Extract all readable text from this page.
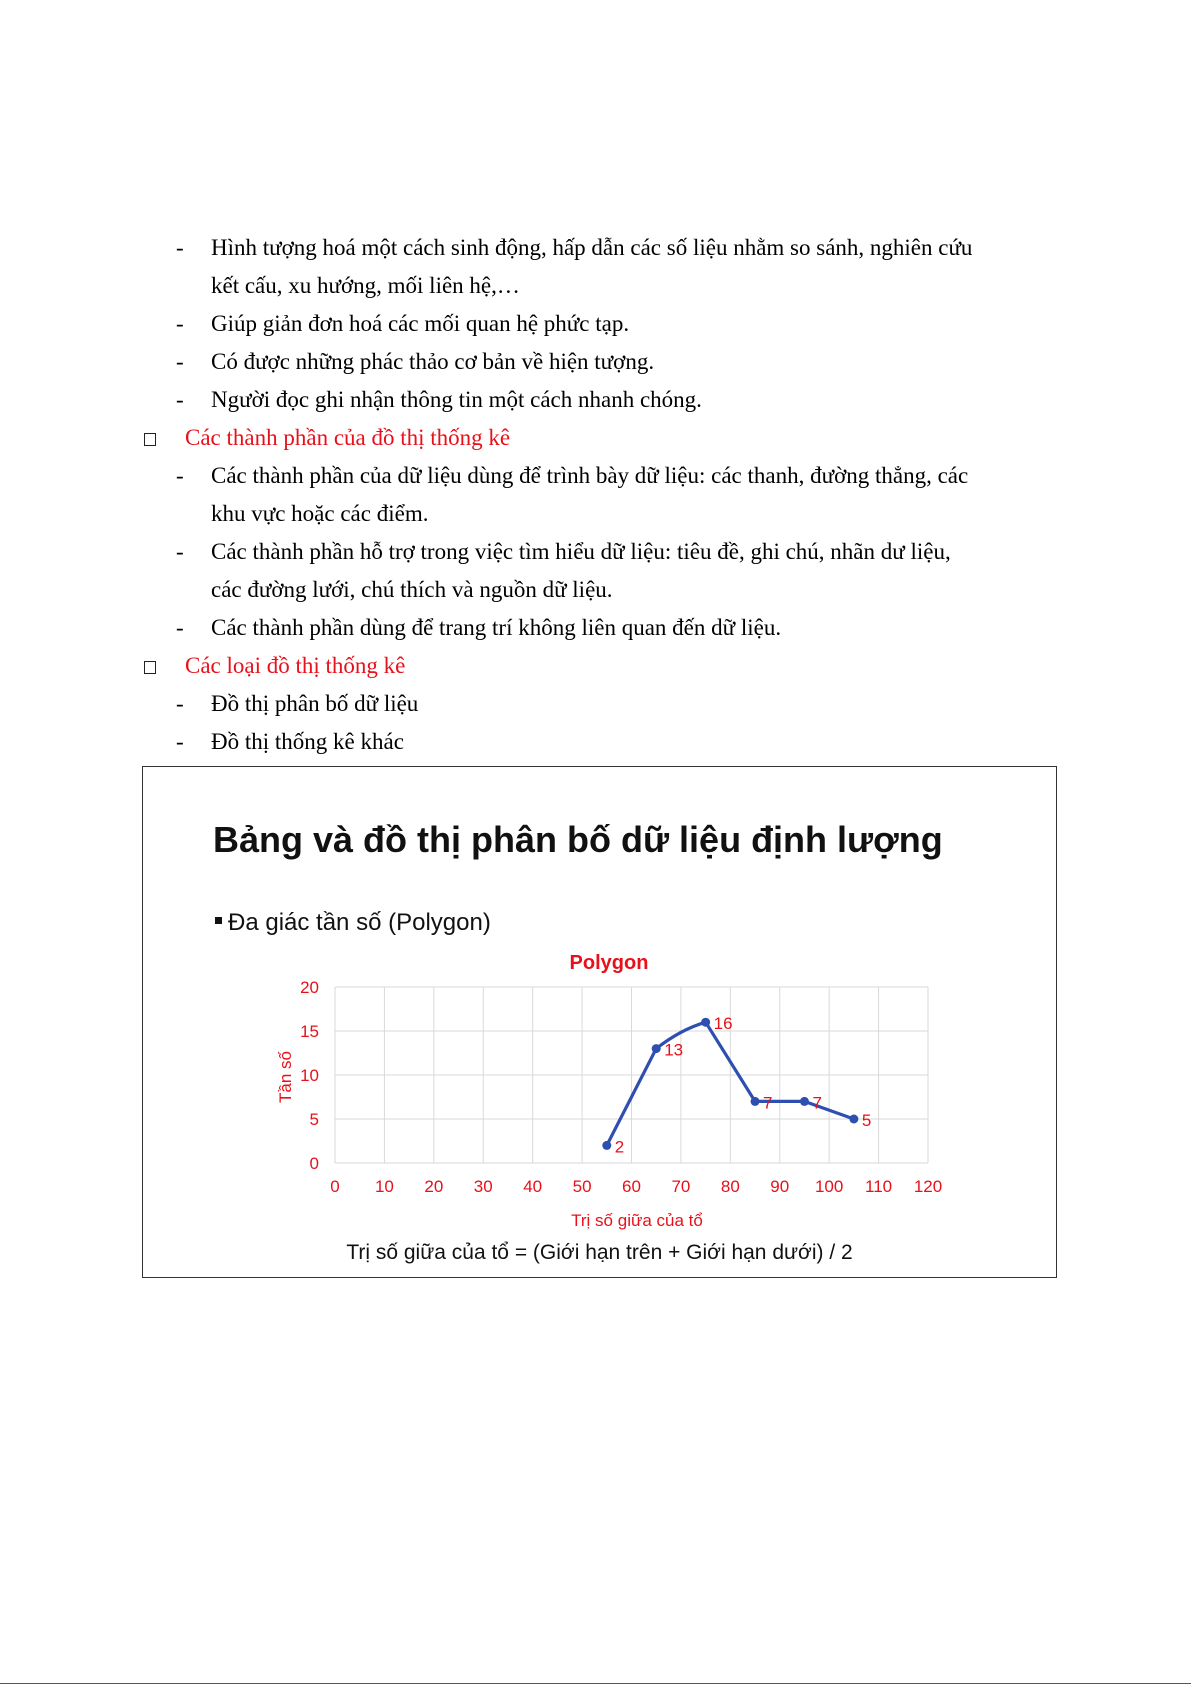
- Hình tượng hoá một cách sinh động, hấp dẫn các số liệu nhằm so sánh, nghiên cứu
kết cấu, xu hướng, mối liên hệ,…
- Giúp giản đơn hoá các mối quan hệ phức tạp.
- Có được những phác thảo cơ bản về hiện tượng.
- Người đọc ghi nhận thông tin một cách nhanh chóng.
Các thành phần của đồ thị thống kê
- Các thành phần của dữ liệu dùng để trình bày dữ liệu: các thanh, đường thẳng, các
khu vực hoặc các điểm.
- Các thành phần hỗ trợ trong việc tìm hiểu dữ liệu: tiêu đề, ghi chú, nhãn dư liệu,
các đường lưới, chú thích và nguồn dữ liệu.
- Các thành phần dùng để trang trí không liên quan đến dữ liệu.
Các loại đồ thị thống kê
- Đồ thị phân bố dữ liệu
- Đồ thị thống kê khác
Bảng và đồ thị phân bố dữ liệu định lượng
Đa giác tần số (Polygon)
Polygon
0 10 20 30 40 50 60 70 80 90 100 110 120
0
5
10
15
20
2
13
16
7 7
5
Trị số giữa của tổ
Tần số
Trị số giữa của tổ = (Giới hạn trên + Giới hạn dưới) / 2
